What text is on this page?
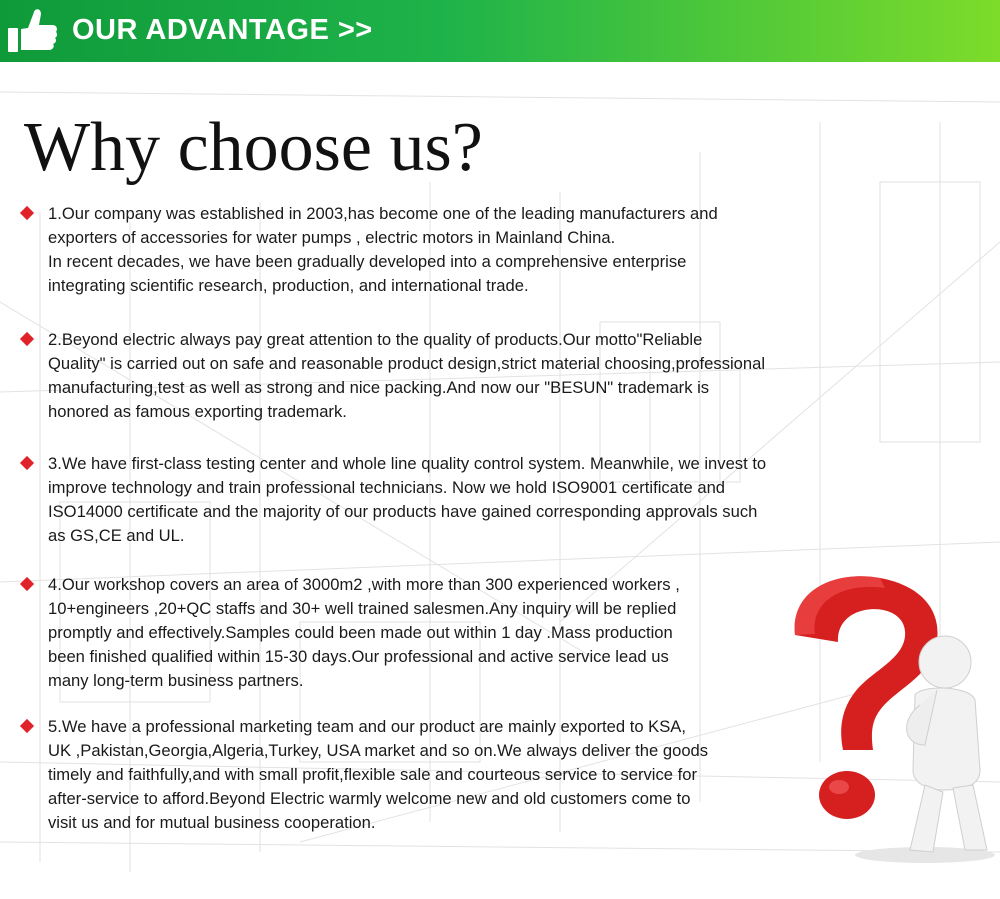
OUR ADVANTAGE >>
Why choose us?
1.Our company was established in 2003,has become one of the leading manufacturers and
exporters of accessories for water pumps , electric motors in Mainland China.
In recent decades, we have been gradually developed into a comprehensive enterprise
integrating scientific research, production, and international trade.
2.Beyond electric always pay great attention to the quality of products.Our motto"Reliable
Quality" is carried out on safe and reasonable product design,strict material choosing,professional
manufacturing,test as well as strong and nice packing.And now our "BESUN" trademark is
honored as famous exporting trademark.
3.We have first-class testing center and whole line quality control system. Meanwhile, we invest to
improve technology and train professional technicians. Now we hold ISO9001 certificate and
ISO14000 certificate and the majority of our products have gained corresponding approvals such
as GS,CE and UL.
4.Our workshop covers an area of 3000m2 ,with more than 300 experienced workers ,
10+engineers ,20+QC staffs and 30+ well trained salesmen.Any inquiry will be replied
promptly and effectively.Samples could been made out within 1 day .Mass production
been finished qualified within 15-30 days.Our professional and active service lead us
many long-term business partners.
5.We have a professional marketing team and our product are mainly exported to KSA,
UK ,Pakistan,Georgia,Algeria,Turkey, USA market and so on.We always deliver the goods
timely and faithfully,and with small profit,flexible sale and courteous service to service for
after-service to afford.Beyond Electric warmly welcome new and old customers come to
visit us and for mutual business cooperation.
